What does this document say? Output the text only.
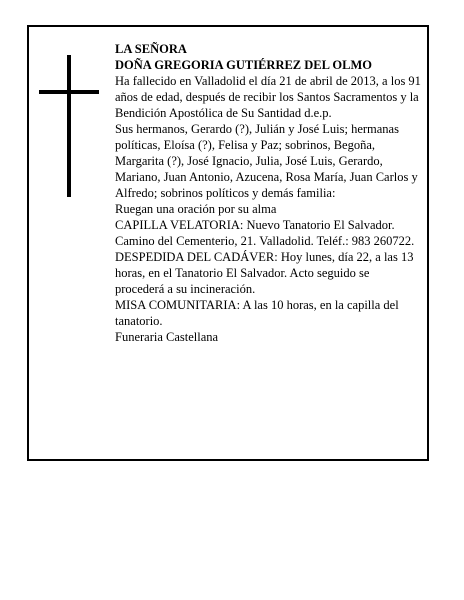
LA SEÑORA

DOÑA GREGORIA GUTIÉRREZ DEL OLMO

Ha fallecido en Valladolid el día 21 de abril de 2013, a los 91 años de edad, después de recibir los Santos Sacramentos y la Bendición Apostólica de Su Santidad d.e.p.

Sus hermanos, Gerardo (?), Julián y José Luis; hermanas políticas, Eloísa (?), Felisa y Paz; sobrinos, Begoña, Margarita (?), José Ignacio, Julia, José Luis, Gerardo, Mariano, Juan Antonio, Azucena, Rosa María, Juan Carlos y Alfredo; sobrinos políticos y demás familia:

Ruegan una oración por su alma

CAPILLA VELATORIA: Nuevo Tanatorio El Salvador. Camino del Cementerio, 21. Valladolid. Teléf.: 983 260722.

DESPEDIDA DEL CADÁVER: Hoy lunes, día 22, a las 13 horas, en el Tanatorio El Salvador. Acto seguido se procederá a su incineración.

MISA COMUNITARIA: A las 10 horas, en la capilla del tanatorio.

Funeraria Castellana
